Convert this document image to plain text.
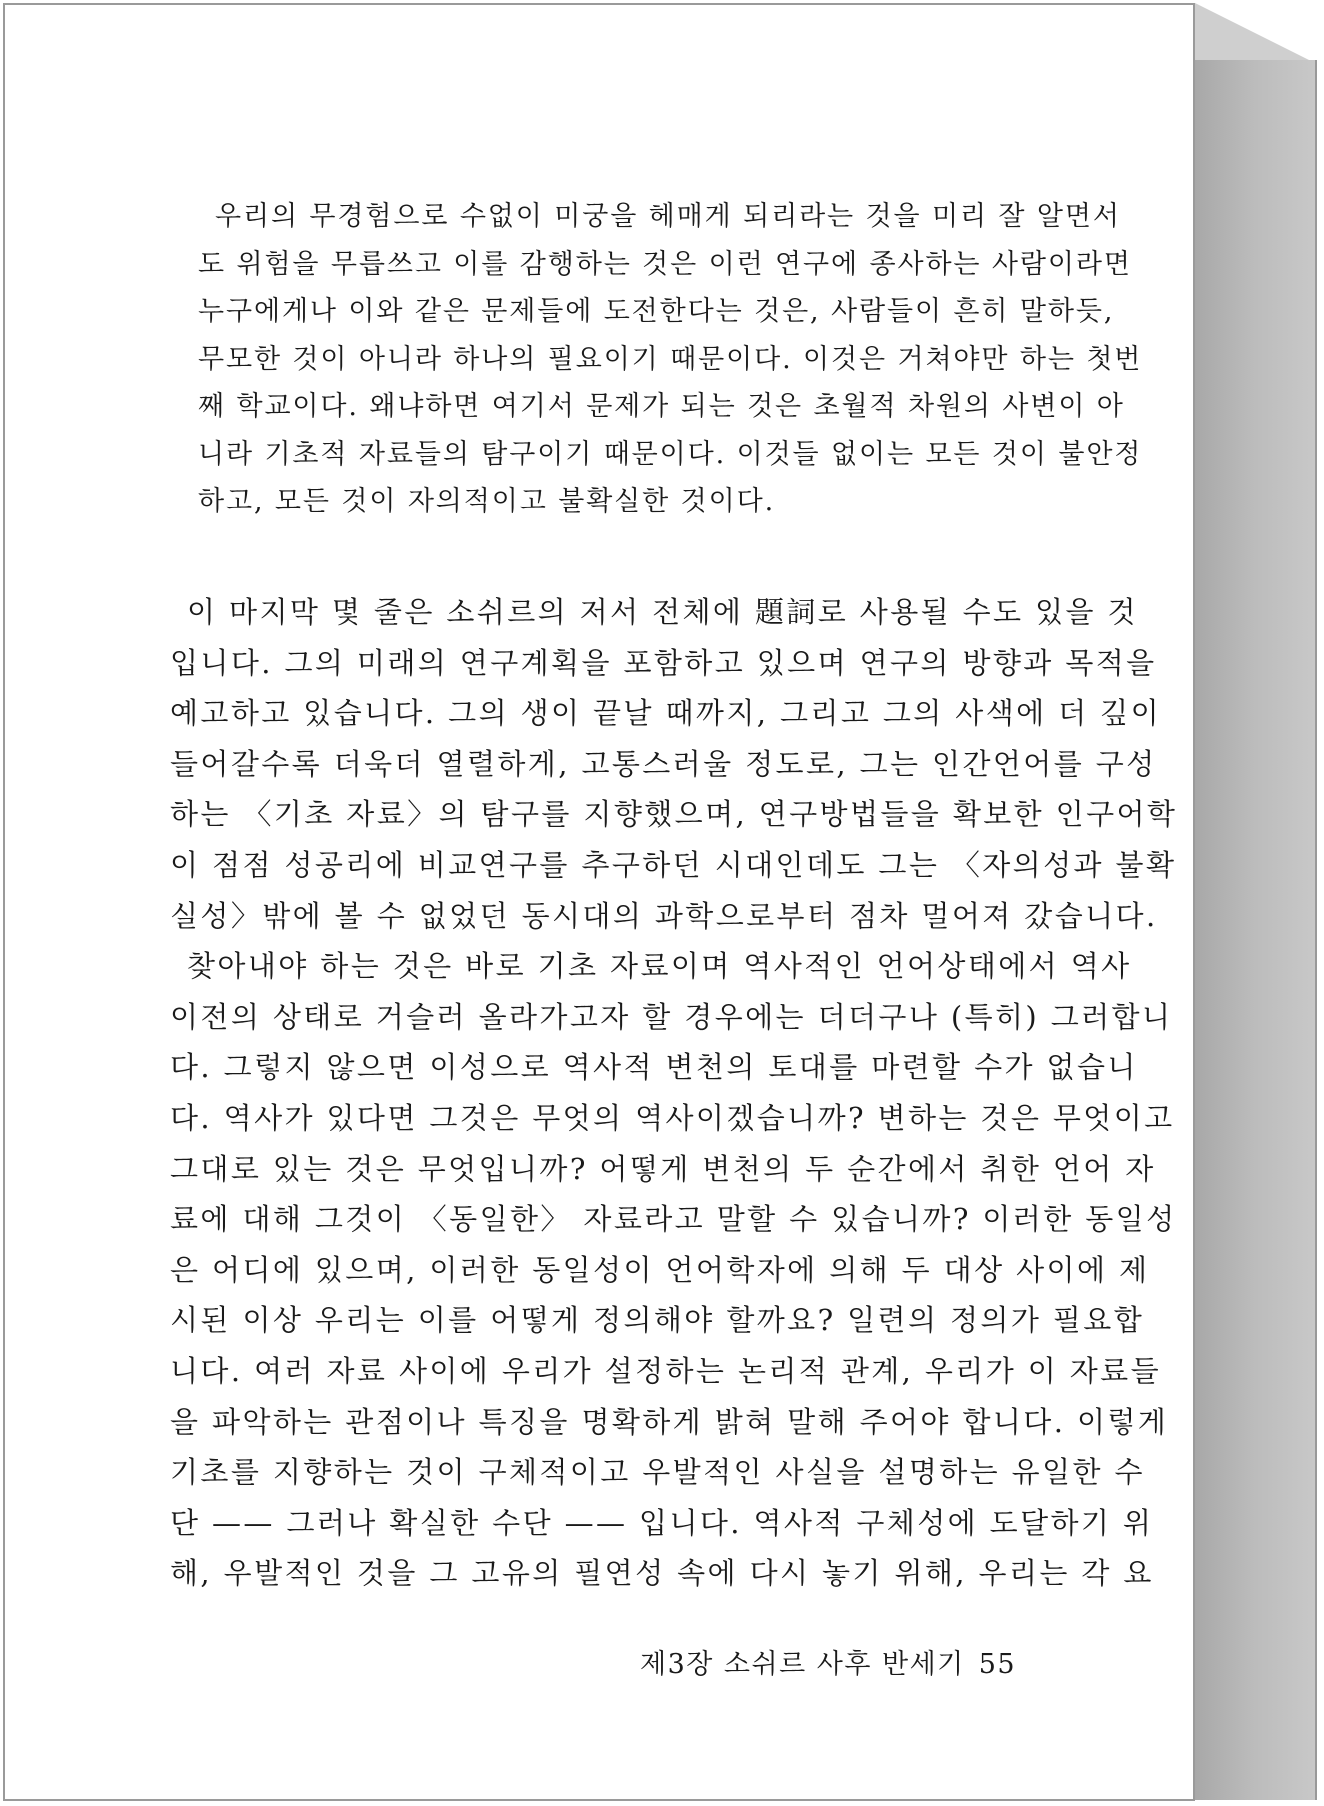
우리의 무경험으로 수없이 미궁을 헤매게 되리라는 것을 미리 잘 알면서
도 위험을 무릅쓰고 이를 감행하는 것은 이런 연구에 종사하는 사람이라면
누구에게나 이와 같은 문제들에 도전한다는 것은, 사람들이 흔히 말하듯,
무모한 것이 아니라 하나의 필요이기 때문이다. 이것은 거쳐야만 하는 첫번
째 학교이다. 왜냐하면 여기서 문제가 되는 것은 초월적 차원의 사변이 아
니라 기초적 자료들의 탐구이기 때문이다. 이것들 없이는 모든 것이 불안정
하고, 모든 것이 자의적이고 불확실한 것이다.
이 마지막 몇 줄은 소쉬르의 저서 전체에 題詞로 사용될 수도 있을 것
입니다. 그의 미래의 연구계획을 포함하고 있으며 연구의 방향과 목적을
예고하고 있습니다. 그의 생이 끝날 때까지, 그리고 그의 사색에 더 깊이
들어갈수록 더욱더 열렬하게, 고통스러울 정도로, 그는 인간언어를 구성
하는 〈기초 자료〉의 탐구를 지향했으며, 연구방법들을 확보한 인구어학
이 점점 성공리에 비교연구를 추구하던 시대인데도 그는 〈자의성과 불확
실성〉밖에 볼 수 없었던 동시대의 과학으로부터 점차 멀어져 갔습니다.
찾아내야 하는 것은 바로 기초 자료이며 역사적인 언어상태에서 역사
이전의 상태로 거슬러 올라가고자 할 경우에는 더더구나 (특히) 그러합니
다. 그렇지 않으면 이성으로 역사적 변천의 토대를 마련할 수가 없습니
다. 역사가 있다면 그것은 무엇의 역사이겠습니까? 변하는 것은 무엇이고
그대로 있는 것은 무엇입니까? 어떻게 변천의 두 순간에서 취한 언어 자
료에 대해 그것이 〈동일한〉 자료라고 말할 수 있습니까? 이러한 동일성
은 어디에 있으며, 이러한 동일성이 언어학자에 의해 두 대상 사이에 제
시된 이상 우리는 이를 어떻게 정의해야 할까요? 일련의 정의가 필요합
니다. 여러 자료 사이에 우리가 설정하는 논리적 관계, 우리가 이 자료들
을 파악하는 관점이나 특징을 명확하게 밝혀 말해 주어야 합니다. 이렇게
기초를 지향하는 것이 구체적이고 우발적인 사실을 설명하는 유일한 수
단 —— 그러나 확실한 수단 —— 입니다. 역사적 구체성에 도달하기 위
해, 우발적인 것을 그 고유의 필연성 속에 다시 놓기 위해, 우리는 각 요
제3장 소쉬르 사후 반세기 55
